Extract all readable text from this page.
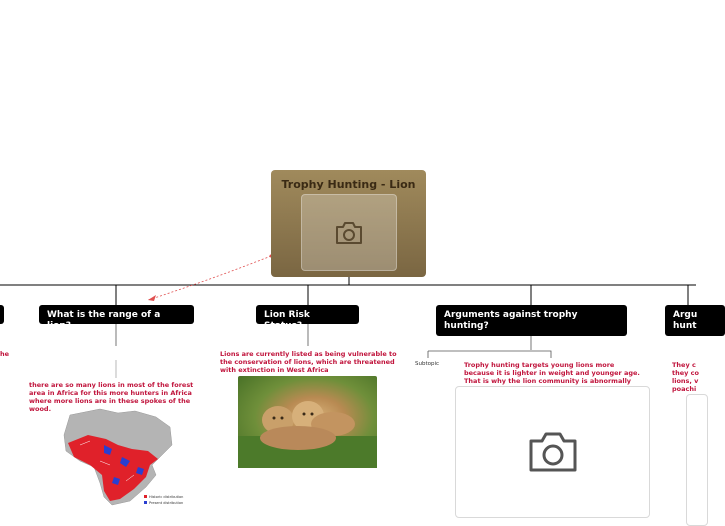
Trophy Hunting - Lion
he
What is the range of a lion?
there are so many lions in most of the forest area in Africa for this more hunters in Africa where more lions are in these spokes of the wood.
Historic distribution
Present distribution
Lion Risk Status?
Lions are currently listed as being vulnerable to the conservation of lions, which are threatened with extinction in West Africa
Arguments against trophy hunting?
Subtopic	Trophy hunting targets young lions more because it is lighter in weight and younger age. That is why the lion community is abnormally
Argu hunt
They c they co lions, v poachi
